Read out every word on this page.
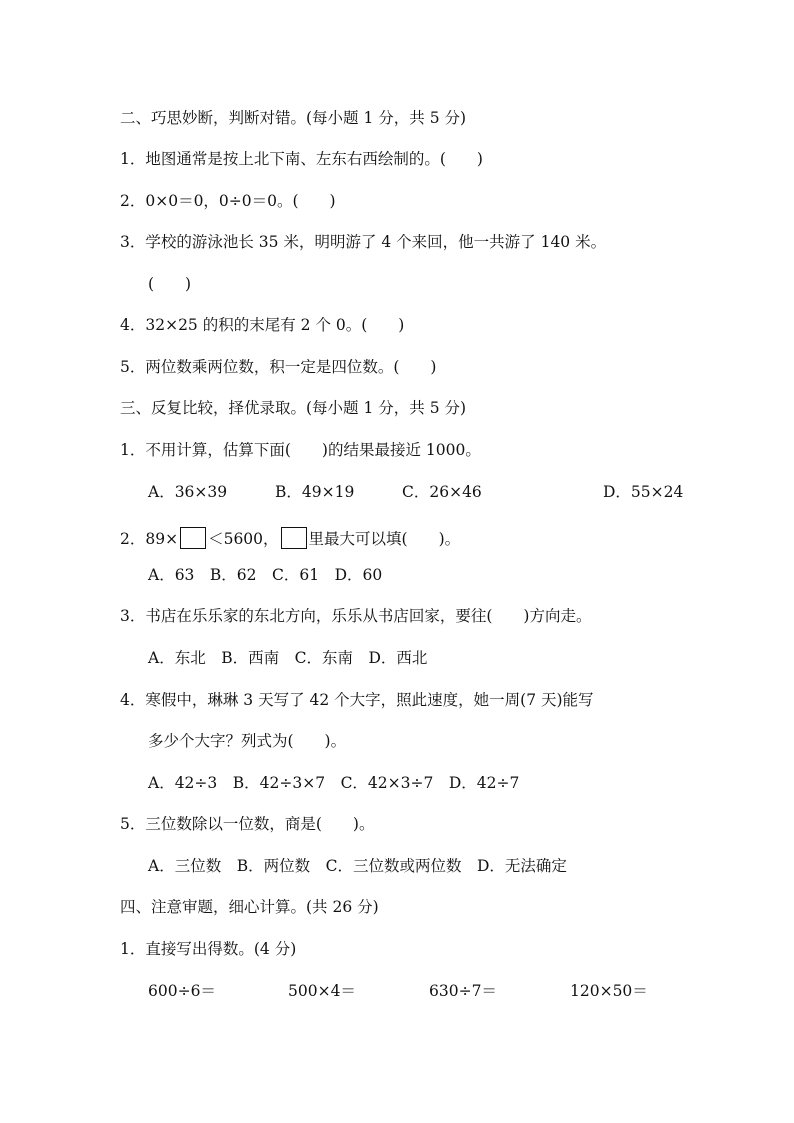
二、巧思妙断，判断对错。(每小题 1 分，共 5 分)

1．地图通常是按上北下南、左东右西绘制的。(　　)

2．0×0＝0，0÷0＝0。(　　)

3．学校的游泳池长 35 米，明明游了 4 个来回，他一共游了 140 米。

(　　)

4．32×25 的积的末尾有 2 个 0。(　　)

5．两位数乘两位数，积一定是四位数。(　　)

三、反复比较，择优录取。(每小题 1 分，共 5 分)

1．不用计算，估算下面(　　)的结果最接近 1000。

A．36×39	B．49×19	C．26×46	D．55×24

2．89× ＜5600， 里最大可以填(　　)。

A．63　B．62　C．61　D．60

3．书店在乐乐家的东北方向，乐乐从书店回家，要往(　　)方向走。

A．东北　B．西南　C．东南　D．西北

4．寒假中，琳琳 3 天写了 42 个大字，照此速度，她一周(7 天)能写

多少个大字？列式为(　　)。

A．42÷3　B．42÷3×7　C．42×3÷7　D．42÷7

5．三位数除以一位数，商是(　　)。

A．三位数　B．两位数　C．三位数或两位数　D．无法确定

四、注意审题，细心计算。(共 26 分)

1．直接写出得数。(4 分)

600÷6＝	500×4＝	630÷7＝	120×50＝
